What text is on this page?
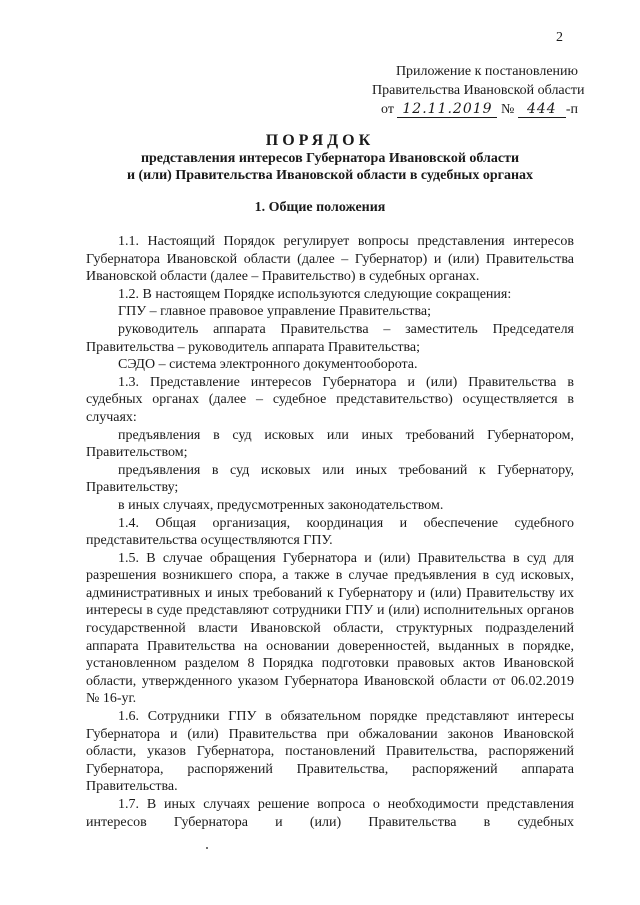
2
Приложение к постановлению
Правительства Ивановской области
от 12.11.2019 № 444 -п
ПОРЯДОК
представления интересов Губернатора Ивановской области
и (или) Правительства Ивановской области в судебных органах
1. Общие положения

1.1. Настоящий Порядок регулирует вопросы представления интересов Губернатора Ивановской области (далее – Губернатор) и (или) Правительства Ивановской области (далее – Правительство) в судебных органах.

1.2. В настоящем Порядке используются следующие сокращения:

ГПУ – главное правовое управление Правительства;

руководитель аппарата Правительства – заместитель Председателя Правительства – руководитель аппарата Правительства;

СЭДО – система электронного документооборота.

1.3. Представление интересов Губернатора и (или) Правительства в судебных органах (далее – судебное представительство) осуществляется в случаях:

предъявления в суд исковых или иных требований Губернатором, Правительством;

предъявления в суд исковых или иных требований к Губернатору, Правительству;

в иных случаях, предусмотренных законодательством.

1.4. Общая организация, координация и обеспечение судебного представительства осуществляются ГПУ.

1.5. В случае обращения Губернатора и (или) Правительства в суд для разрешения возникшего спора, а также в случае предъявления в суд исковых, административных и иных требований к Губернатору и (или) Правительству их интересы в суде представляют сотрудники ГПУ и (или) исполнительных органов государственной власти Ивановской области, структурных подразделений аппарата Правительства на основании доверенностей, выданных в порядке, установленном разделом 8 Порядка подготовки правовых актов Ивановской области, утвержденного указом Губернатора Ивановской области от 06.02.2019 № 16-уг.

1.6. Сотрудники ГПУ в обязательном порядке представляют интересы Губернатора и (или) Правительства при обжаловании законов Ивановской области, указов Губернатора, постановлений Правительства, распоряжений Губернатора, распоряжений Правительства, распоряжений аппарата Правительства.

1.7. В иных случаях решение вопроса о необходимости представления интересов Губернатора и (или) Правительства в судебных
